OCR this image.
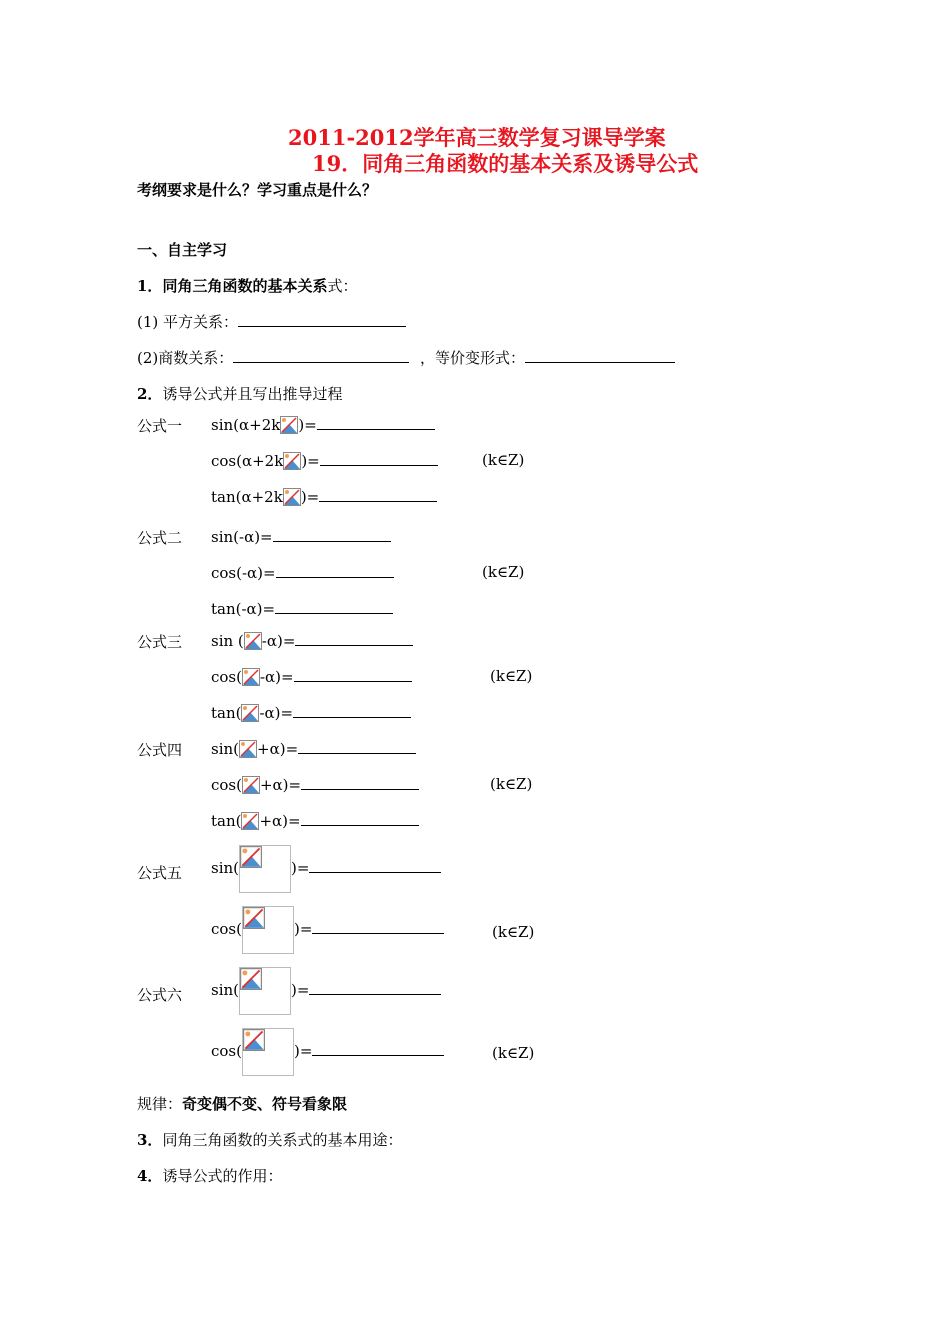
2011-2012学年高三数学复习课导学案
19．同角三角函数的基本关系及诱导公式
考纲要求是什么？学习重点是什么？
一、自主学习
1．同角三角函数的基本关系式：
(1) 平方关系：
(2)商数关系：	，等价变形式：
2．诱导公式并且写出推导过程
公式一 sin(α+2k )=
cos(α+2k )=	(k∈Z)
tan(α+2k )=
公式二 sin(-α)=
cos(-α)=	(k∈Z)
tan(-α)=
公式三 sin ( -α)=
cos( -α)=	(k∈Z)
tan( -α)=
公式四 sin( +α)=
cos( +α)=	(k∈Z)
tan( +α)=
公式五 sin(	)=
cos(	)=	(k∈Z)
公式六 sin(	)=
cos(	)=	(k∈Z)
规律：奇变偶不变、符号看象限
3．同角三角函数的关系式的基本用途：
4．诱导公式的作用：
